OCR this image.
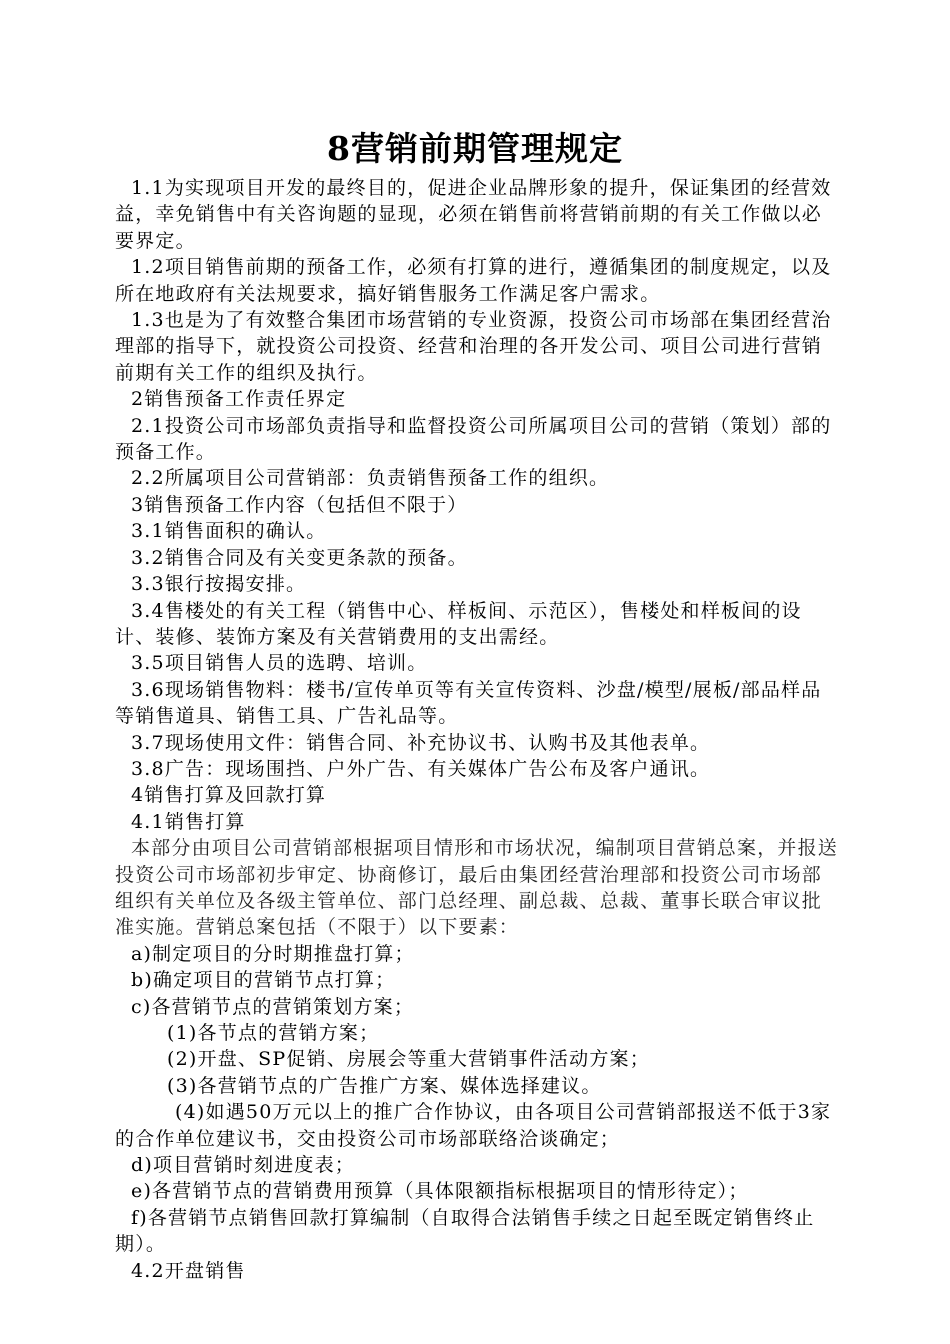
8营销前期管理规定

1.1为实现项目开发的最终目的，促进企业品牌形象的提升，保证集团的经营效益，幸免销售中有关咨询题的显现，必须在销售前将营销前期的有关工作做以必要界定。

1.2项目销售前期的预备工作，必须有打算的进行，遵循集团的制度规定，以及所在地政府有关法规要求，搞好销售服务工作满足客户需求。

1.3也是为了有效整合集团市场营销的专业资源，投资公司市场部在集团经营治理部的指导下，就投资公司投资、经营和治理的各开发公司、项目公司进行营销前期有关工作的组织及执行。

2销售预备工作责任界定

2.1投资公司市场部负责指导和监督投资公司所属项目公司的营销（策划）部的预备工作。

2.2所属项目公司营销部：负责销售预备工作的组织。

3销售预备工作内容（包括但不限于）

3.1销售面积的确认。

3.2销售合同及有关变更条款的预备。

3.3银行按揭安排。

3.4售楼处的有关工程（销售中心、样板间、示范区），售楼处和样板间的设计、装修、装饰方案及有关营销费用的支出需经。

3.5项目销售人员的选聘、培训。

3.6现场销售物料：楼书/宣传单页等有关宣传资料、沙盘/模型/展板/部品样品等销售道具、销售工具、广告礼品等。

3.7现场使用文件：销售合同、补充协议书、认购书及其他表单。

3.8广告：现场围挡、户外广告、有关媒体广告公布及客户通讯。

4销售打算及回款打算

4.1销售打算

本部分由项目公司营销部根据项目情形和市场状况，编制项目营销总案，并报送投资公司市场部初步审定、协商修订，最后由集团经营治理部和投资公司市场部组织有关单位及各级主管单位、部门总经理、副总裁、总裁、董事长联合审议批准实施。营销总案包括（不限于）以下要素：

a)制定项目的分时期推盘打算；

b)确定项目的营销节点打算；

c)各营销节点的营销策划方案；

(1)各节点的营销方案；

(2)开盘、SP促销、房展会等重大营销事件活动方案；

(3)各营销节点的广告推广方案、媒体选择建议。

(4)如遇50万元以上的推广合作协议，由各项目公司营销部报送不低于3家的合作单位建议书，交由投资公司市场部联络洽谈确定；

d)项目营销时刻进度表；

e)各营销节点的营销费用预算（具体限额指标根据项目的情形待定）；

f)各营销节点销售回款打算编制（自取得合法销售手续之日起至既定销售终止期）。

4.2开盘销售
